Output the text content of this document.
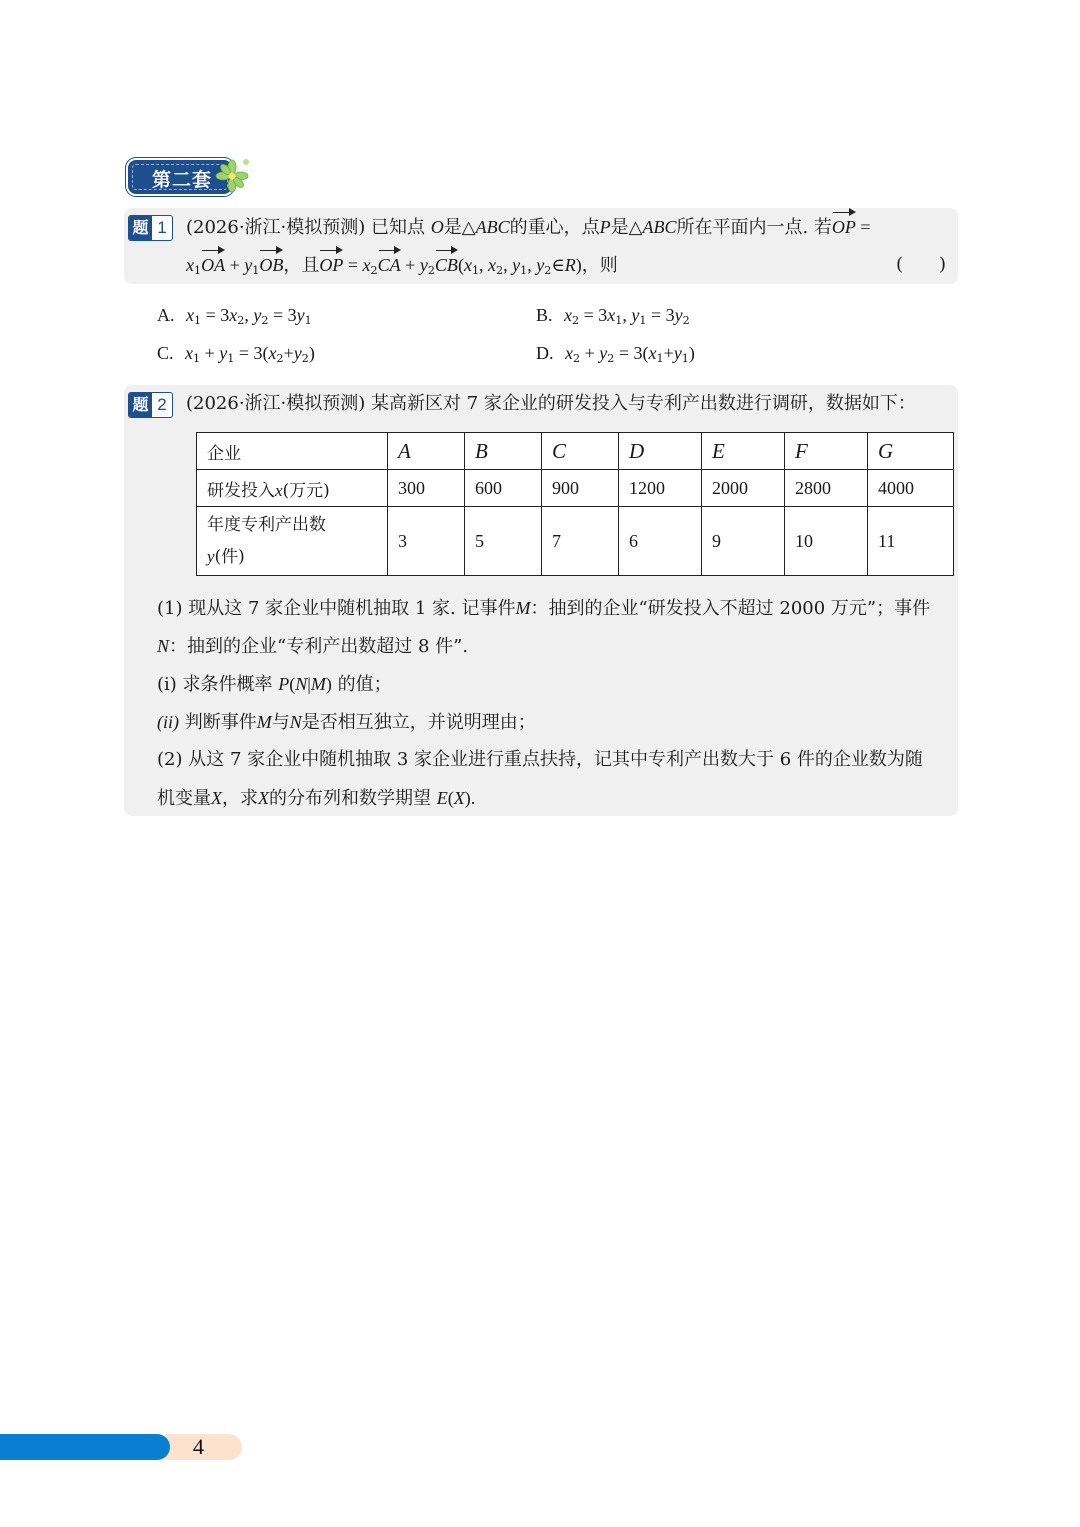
第二套
题 1 (2026·浙江·模拟预测) 已知点 O是△ABC的重心，点P是△ABC所在平面内一点. 若OP =
$x_1OA + y_1OB$，且OP = $x_2CA + y_2CB(x_1$, $x_2$, $y_1$, $y_2\in R$)，则	(　　)
A. $x_1 = 3x_2$, $y_2 = 3y_1$	B. $x_2 = 3x_1$, $y_1 = 3y_2$
C. $x_1 + y_1 = 3(x_2+y_2)$	D. $x_2 + y_2 = 3(x_1+y_1)$
题 2 (2026·浙江·模拟预测) 某高新区对 7 家企业的研发投入与专利产出数进行调研，数据如下：
企业	A	B	C	D	E	F	G
研发投入x(万元)	300	600	900	1200	2000	2800	4000
年度专利产出数
y(件)	3	5	7	6	9	10	11
(1) 现从这 7 家企业中随机抽取 1 家. 记事件M：抽到的企业“研发投入不超过 2000 万元”；事件
N：抽到的企业“专利产出数超过 8 件”.
(i) 求条件概率 P(N|M) 的值；
(ii) 判断事件M与N是否相互独立，并说明理由；
(2) 从这 7 家企业中随机抽取 3 家企业进行重点扶持，记其中专利产出数大于 6 件的企业数为随
机变量X，求X的分布列和数学期望 E(X).
4
